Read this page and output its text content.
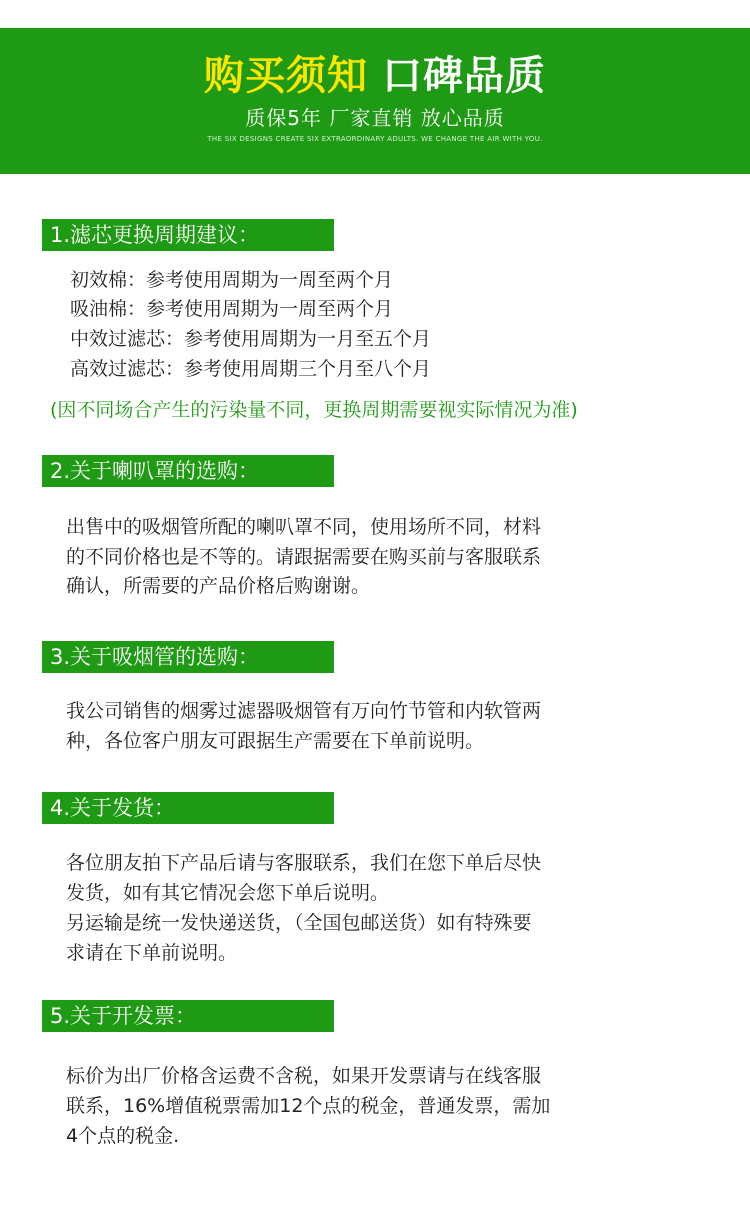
购买须知 口碑品质
质保5年 厂家直销 放心品质
THE SIX DESIGNS CREATE SIX EXTRAORDINARY ADULTS. WE CHANGE THE AIR WITH YOU.
1.滤芯更换周期建议：
初效棉：参考使用周期为一周至两个月
吸油棉：参考使用周期为一周至两个月
中效过滤芯：参考使用周期为一月至五个月
高效过滤芯：参考使用周期三个月至八个月
(因不同场合产生的污染量不同，更换周期需要视实际情况为准)
2.关于喇叭罩的选购：
出售中的吸烟管所配的喇叭罩不同，使用场所不同，材料
的不同价格也是不等的。请跟据需要在购买前与客服联系
确认，所需要的产品价格后购谢谢。
3.关于吸烟管的选购：
我公司销售的烟雾过滤器吸烟管有万向竹节管和内软管两
种，各位客户朋友可跟据生产需要在下单前说明。
4.关于发货：
各位朋友拍下产品后请与客服联系，我们在您下单后尽快
发货，如有其它情况会您下单后说明。
另运输是统一发快递送货，（全国包邮送货）如有特殊要
求请在下单前说明。
5.关于开发票：
标价为出厂价格含运费不含税，如果开发票请与在线客服
联系，16%增值税票需加12个点的税金，普通发票，需加
4个点的税金.
